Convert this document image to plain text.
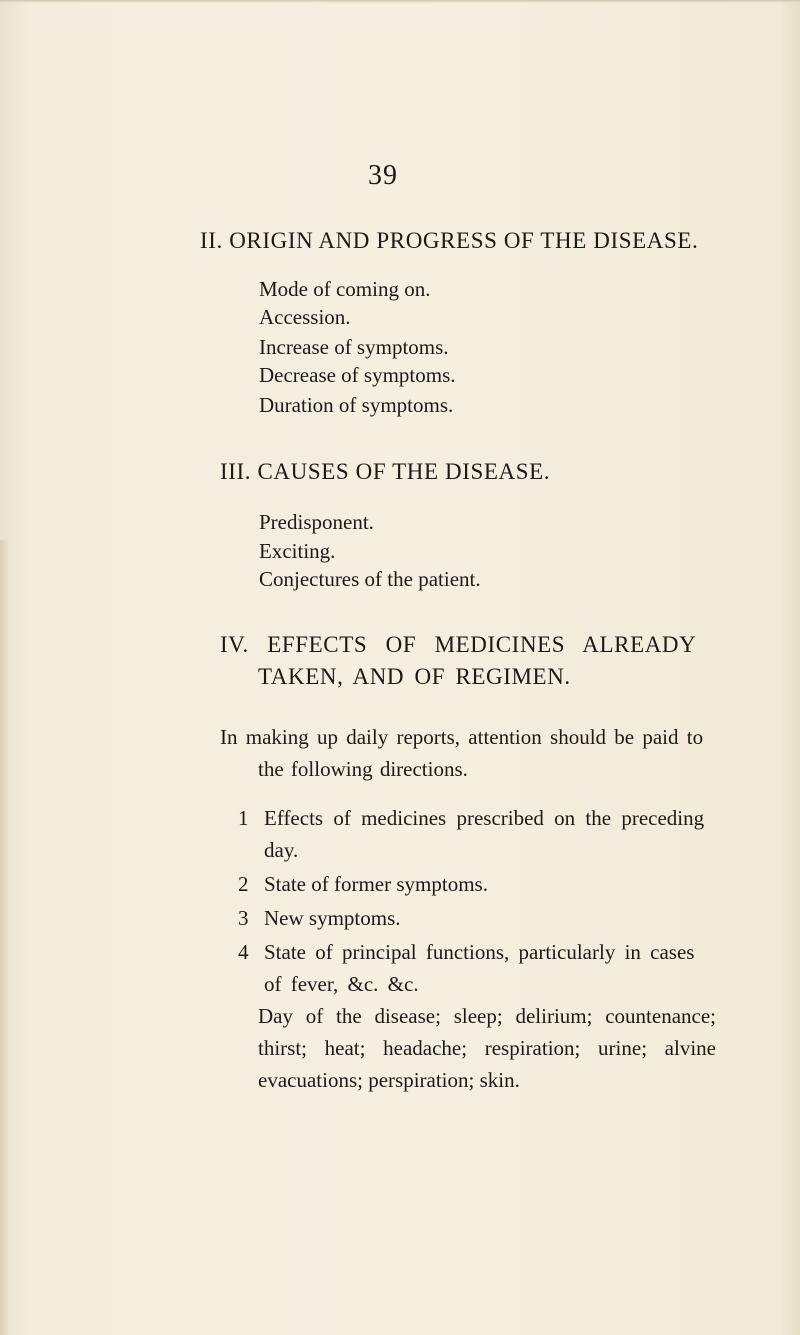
39
II. ORIGIN AND PROGRESS OF THE DISEASE.
Mode of coming on.
Accession.
Increase of symptoms.
Decrease of symptoms.
Duration of symptoms.
III. CAUSES OF THE DISEASE.
Predisponent.
Exciting.
Conjectures of the patient.
IV. EFFECTS OF MEDICINES ALREADY
TAKEN, AND OF REGIMEN.
In making up daily reports, attention should be paid to
the following directions.
1 Effects of medicines prescribed on the preceding day.
2 State of former symptoms.
3 New symptoms.
4 State of principal functions, particularly in cases of fever, &c. &c.
Day of the disease; sleep; delirium; countenance; thirst; heat; headache; respiration; urine; alvine evacuations; perspiration; skin.
